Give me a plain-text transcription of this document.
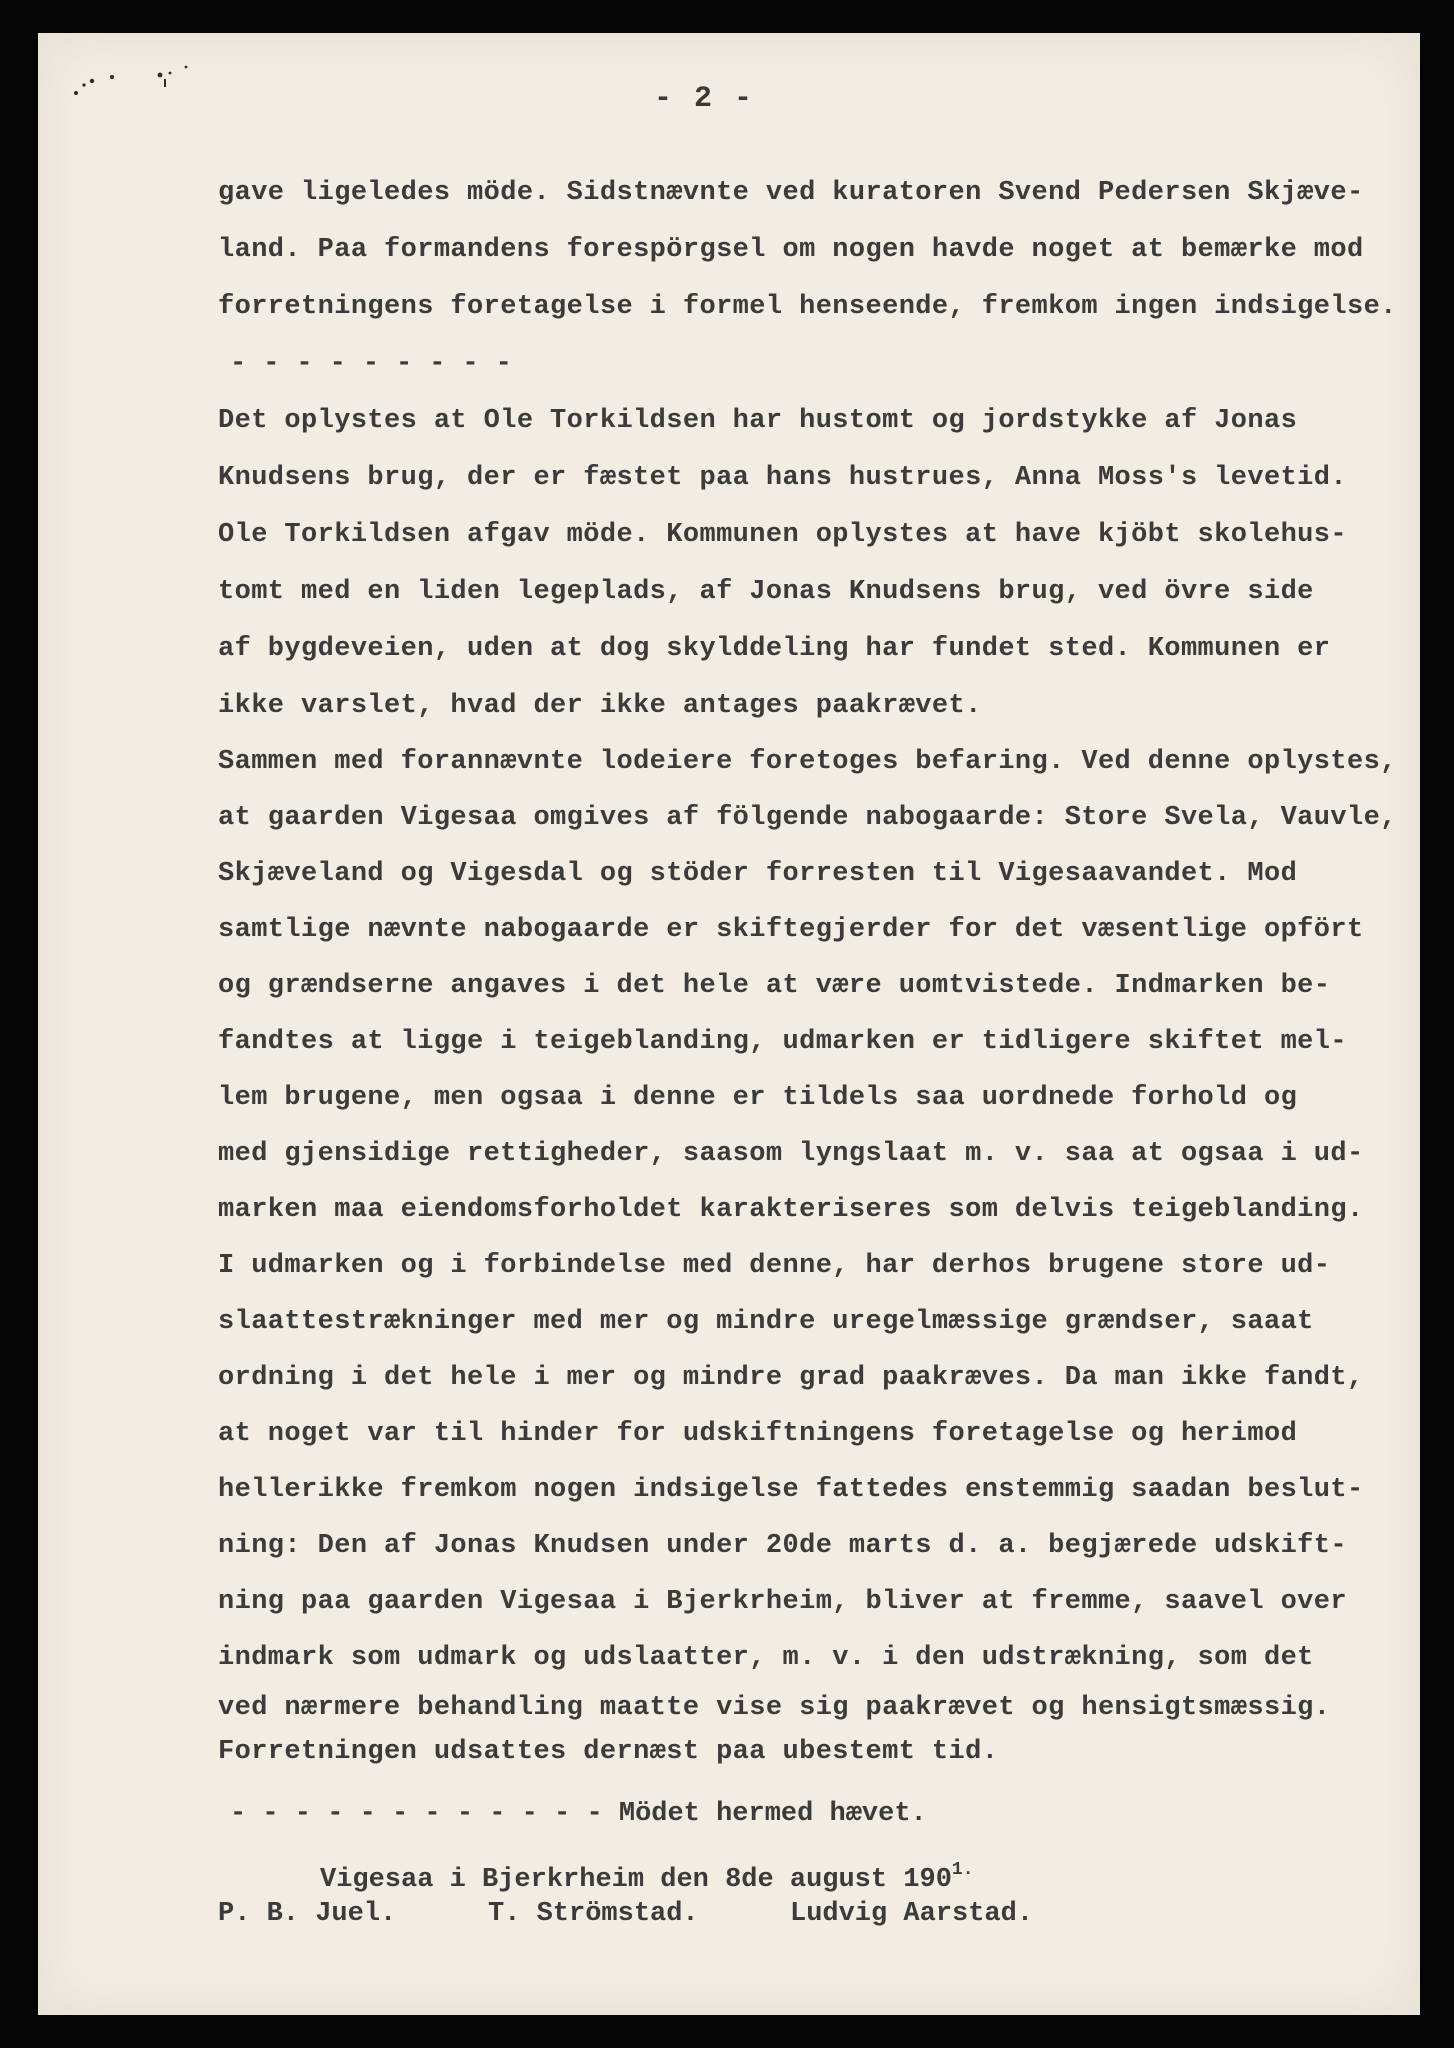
- 2 -
gave ligeledes möde. Sidstnævnte ved kuratoren Svend Pedersen Skjæve-
land. Paa formandens forespörgsel om nogen havde noget at bemærke mod
forretningens foretagelse i formel henseende, fremkom ingen indsigelse.
- - - - - - - - -
Det oplystes at Ole Torkildsen har hustomt og jordstykke af Jonas
Knudsens brug, der er fæstet paa hans hustrues, Anna Moss's levetid.
Ole Torkildsen afgav möde. Kommunen oplystes at have kjöbt skolehus-
tomt med en liden legeplads, af Jonas Knudsens brug, ved övre side
af bygdeveien, uden at dog skylddeling har fundet sted. Kommunen er
ikke varslet, hvad der ikke antages paakrævet.
Sammen med forannævnte lodeiere foretoges befaring. Ved denne oplystes,
at gaarden Vigesaa omgives af fölgende nabogaarde: Store Svela, Vauvle,
Skjæveland og Vigesdal og stöder forresten til Vigesaavandet. Mod
samtlige nævnte nabogaarde er skiftegjerder for det væsentlige opfört
og grændserne angaves i det hele at være uomtvistede. Indmarken be-
fandtes at ligge i teigeblanding, udmarken er tidligere skiftet mel-
lem brugene, men ogsaa i denne er tildels saa uordnede forhold og
med gjensidige rettigheder, saasom lyngslaat m. v. saa at ogsaa i ud-
marken maa eiendomsforholdet karakteriseres som delvis teigeblanding.
I udmarken og i forbindelse med denne, har derhos brugene store ud-
slaattestrækninger med mer og mindre uregelmæssige grændser, saaat
ordning i det hele i mer og mindre grad paakræves. Da man ikke fandt,
at noget var til hinder for udskiftningens foretagelse og herimod
hellerikke fremkom nogen indsigelse fattedes enstemmig saadan beslut-
ning: Den af Jonas Knudsen under 20de marts d. a. begjærede udskift-
ning paa gaarden Vigesaa i Bjerkrheim, bliver at fremme, saavel over
indmark som udmark og udslaatter, m. v. i den udstrækning, som det
ved nærmere behandling maatte vise sig paakrævet og hensigtsmæssig.
Forretningen udsattes dernæst paa ubestemt tid.
- - - - - - - - - - - - Mödet hermed hævet.
Vigesaa i Bjerkrheim den 8de august $190^{1.}$
P. B. Juel.	T. Strömstad.	Ludvig Aarstad.
